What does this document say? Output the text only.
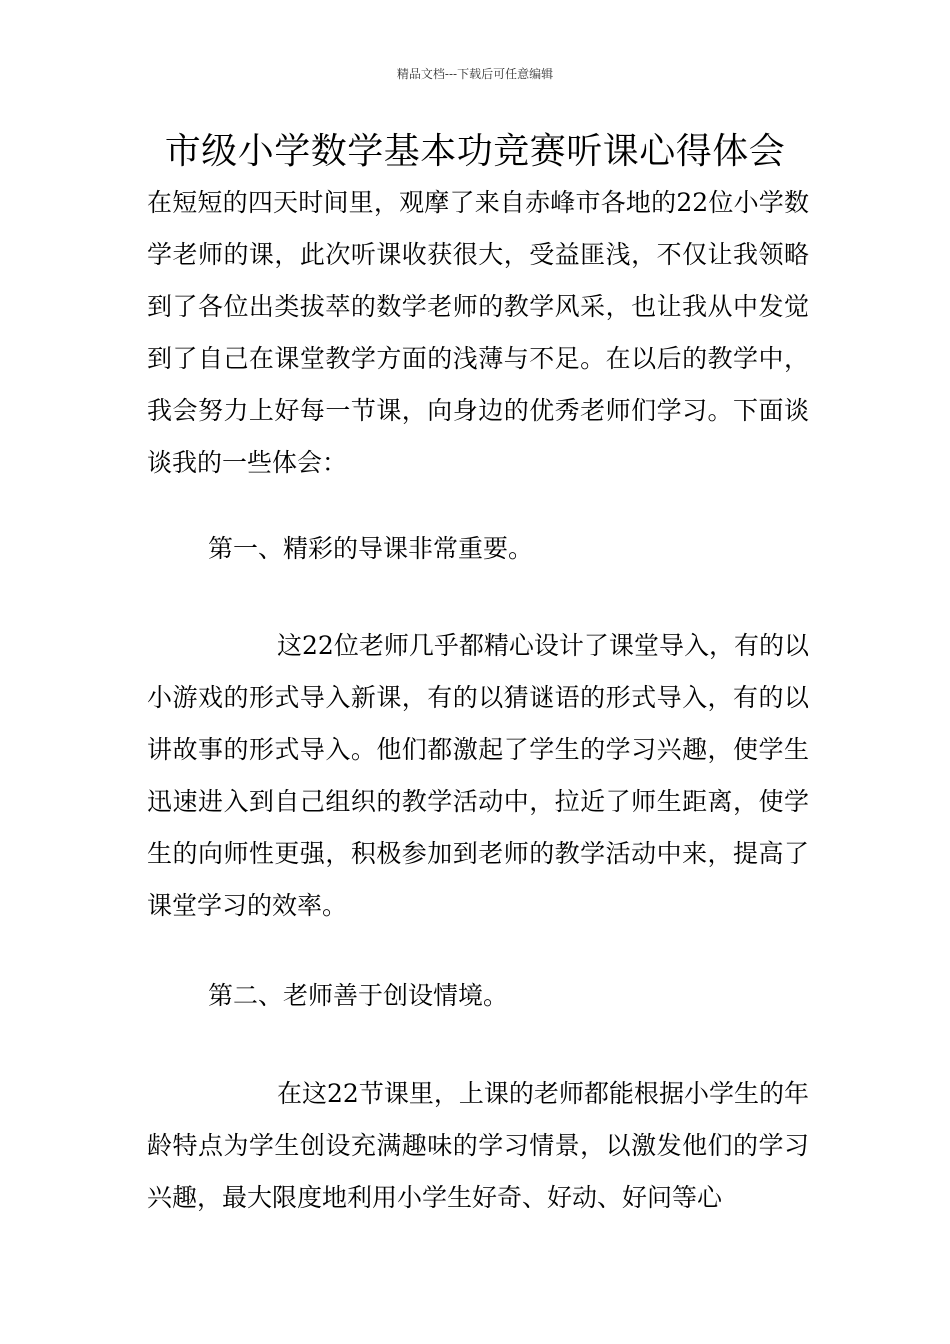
精品文档---下载后可任意编辑
市级小学数学基本功竞赛听课心得体会

在短短的四天时间里，观摩了来自赤峰市各地的22位小学数学老师的课，此次听课收获很大，受益匪浅，不仅让我领略到了各位出类拔萃的数学老师的教学风采，也让我从中发觉到了自己在课堂教学方面的浅薄与不足。在以后的教学中，我会努力上好每一节课，向身边的优秀老师们学习。下面谈谈我的一些体会：

第一、精彩的导课非常重要。

这22位老师几乎都精心设计了课堂导入，有的以小游戏的形式导入新课，有的以猜谜语的形式导入，有的以讲故事的形式导入。他们都激起了学生的学习兴趣，使学生迅速进入到自己组织的教学活动中，拉近了师生距离，使学生的向师性更强，积极参加到老师的教学活动中来，提高了课堂学习的效率。

第二、老师善于创设情境。

在这22节课里，上课的老师都能根据小学生的年龄特点为学生创设充满趣味的学习情景，以激发他们的学习兴趣，最大限度地利用小学生好奇、好动、好问等心
